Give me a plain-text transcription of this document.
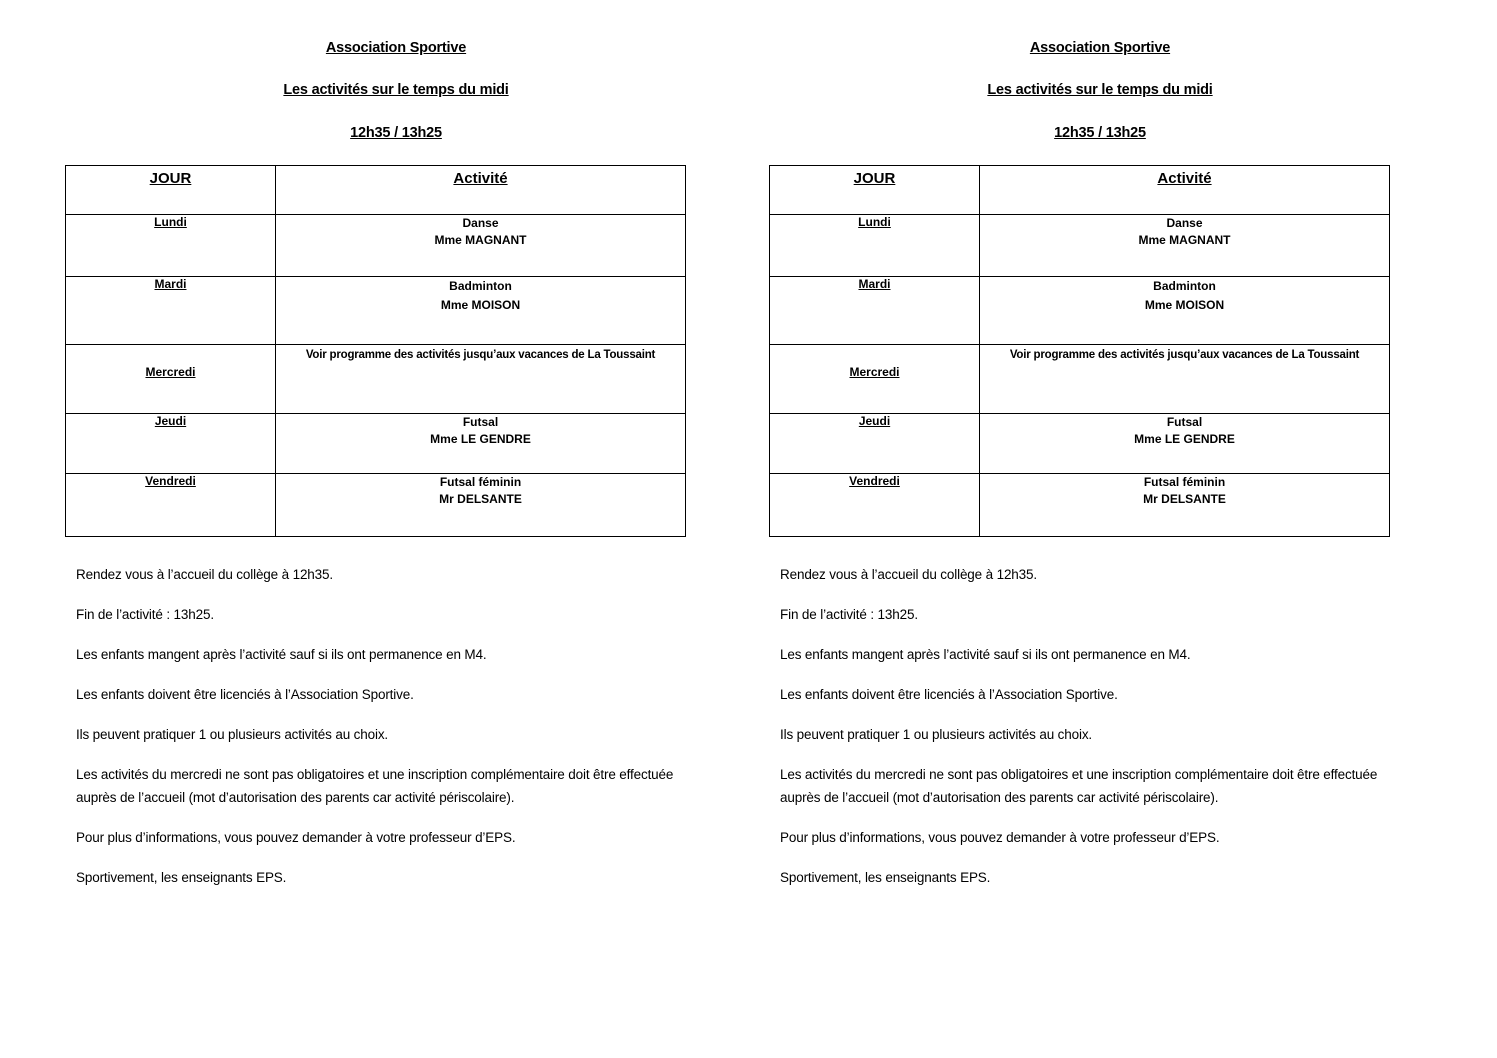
Association Sportive
Les activités sur le temps du midi
12h35 / 13h25
JOUR	Activité

Lundi	Danse
Mme MAGNANT

Mardi	Badminton
Mme MOISON

Mercredi	Voir programme des activités jusqu’aux vacances de La Toussaint

Jeudi	Futsal
Mme LE GENDRE

Vendredi	Futsal féminin
Mr DELSANTE

Rendez vous à l’accueil du collège à 12h35.

Fin de l’activité : 13h25.

Les enfants mangent après l’activité sauf si ils ont permanence en M4.

Les enfants doivent être licenciés à l’Association Sportive.

Ils peuvent pratiquer 1 ou plusieurs activités au choix.

Les activités du mercredi ne sont pas obligatoires et une inscription complémentaire doit être effectuée auprès de l’accueil (mot d’autorisation des parents car activité périscolaire).

Pour plus d’informations, vous pouvez demander à votre professeur d’EPS.

Sportivement, les enseignants EPS.

Association Sportive
Les activités sur le temps du midi
12h35 / 13h25
JOUR	Activité

Lundi	Danse
Mme MAGNANT

Mardi	Badminton
Mme MOISON

Mercredi	Voir programme des activités jusqu’aux vacances de La Toussaint

Jeudi	Futsal
Mme LE GENDRE

Vendredi	Futsal féminin
Mr DELSANTE

Rendez vous à l’accueil du collège à 12h35.

Fin de l’activité : 13h25.

Les enfants mangent après l’activité sauf si ils ont permanence en M4.

Les enfants doivent être licenciés à l’Association Sportive.

Ils peuvent pratiquer 1 ou plusieurs activités au choix.

Les activités du mercredi ne sont pas obligatoires et une inscription complémentaire doit être effectuée auprès de l’accueil (mot d’autorisation des parents car activité périscolaire).

Pour plus d’informations, vous pouvez demander à votre professeur d’EPS.

Sportivement, les enseignants EPS.
